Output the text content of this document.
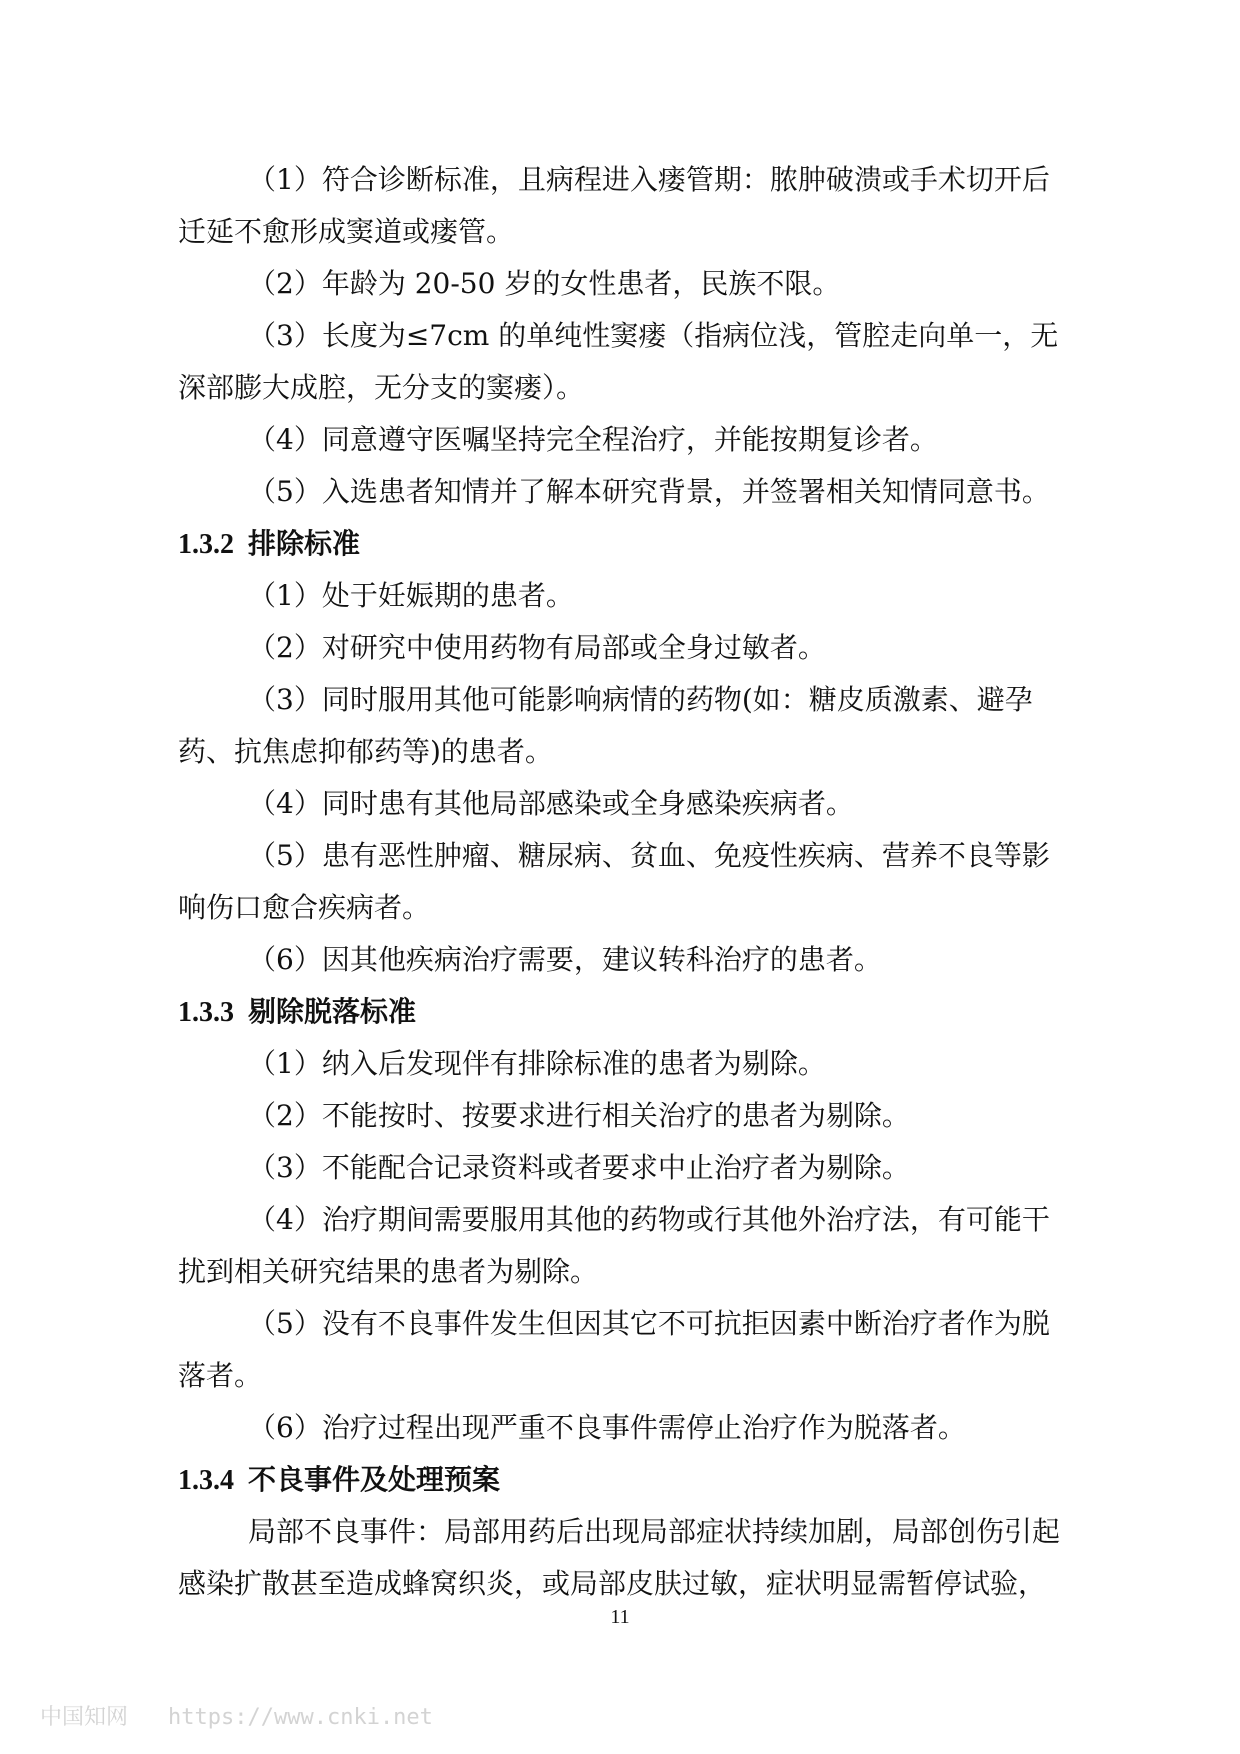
（1）符合诊断标准，且病程进入瘘管期：脓肿破溃或手术切开后
迁延不愈形成窦道或瘘管。
（2）年龄为 20-50 岁的女性患者，民族不限。
（3）长度为≤7cm 的单纯性窦瘘（指病位浅，管腔走向单一，无
深部膨大成腔，无分支的窦瘘）。
（4）同意遵守医嘱坚持完全程治疗，并能按期复诊者。
（5）入选患者知情并了解本研究背景，并签署相关知情同意书。
1.3.2 排除标准
（1）处于妊娠期的患者。
（2）对研究中使用药物有局部或全身过敏者。
（3）同时服用其他可能影响病情的药物(如：糖皮质激素、避孕
药、抗焦虑抑郁药等)的患者。
（4）同时患有其他局部感染或全身感染疾病者。
（5）患有恶性肿瘤、糖尿病、贫血、免疫性疾病、营养不良等影
响伤口愈合疾病者。
（6）因其他疾病治疗需要，建议转科治疗的患者。
1.3.3 剔除脱落标准
（1）纳入后发现伴有排除标准的患者为剔除。
（2）不能按时、按要求进行相关治疗的患者为剔除。
（3）不能配合记录资料或者要求中止治疗者为剔除。
（4）治疗期间需要服用其他的药物或行其他外治疗法，有可能干
扰到相关研究结果的患者为剔除。
（5）没有不良事件发生但因其它不可抗拒因素中断治疗者作为脱
落者。
（6）治疗过程出现严重不良事件需停止治疗作为脱落者。
1.3.4 不良事件及处理预案
局部不良事件：局部用药后出现局部症状持续加剧，局部创伤引起
感染扩散甚至造成蜂窝织炎，或局部皮肤过敏，症状明显需暂停试验，
11
中国知网 https://www.cnki.net
